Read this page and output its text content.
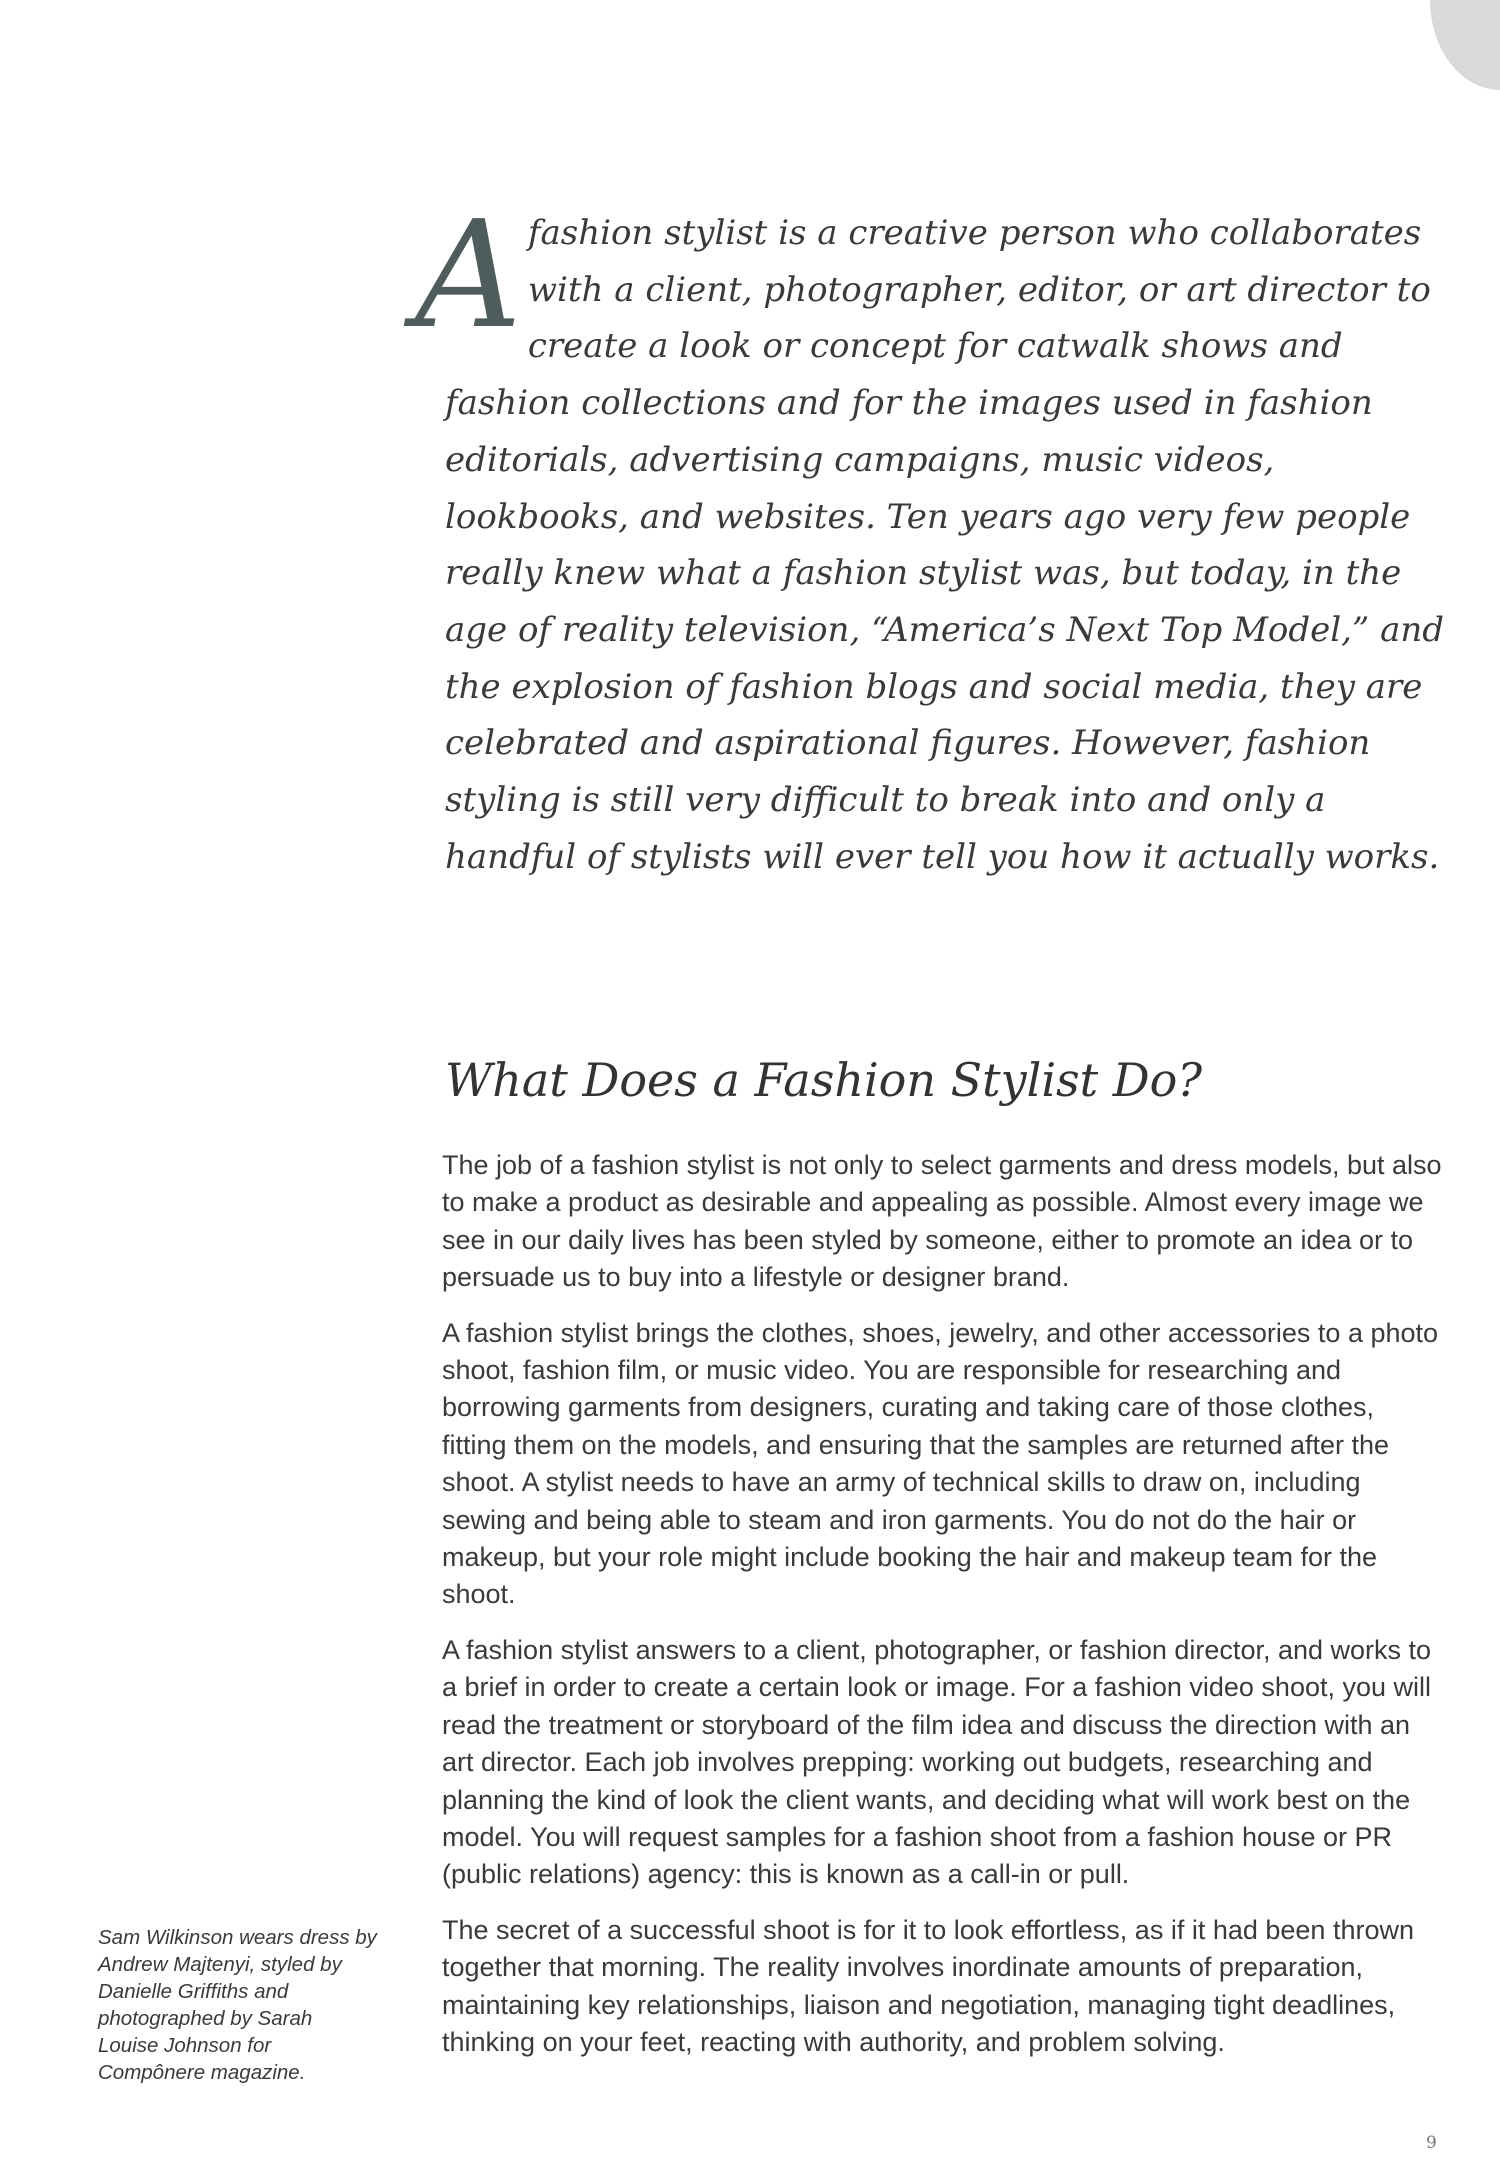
Afashion stylist is a creative person who collaborates with a client, photographer, editor, or art director to create a look or concept for catwalk shows and fashion collections and for the images used in fashion editorials, advertising campaigns, music videos, lookbooks, and websites. Ten years ago very few people really knew what a fashion stylist was, but today, in the age of reality television, “America’s Next Top Model,” and the explosion of fashion blogs and social media, they are celebrated and aspirational figures. However, fashion styling is still very difficult to break into and only a handful of stylists will ever tell you how it actually works.

What Does a Fashion Stylist Do?

The job of a fashion stylist is not only to select garments and dress models, but also to make a product as desirable and appealing as possible. Almost every image we see in our daily lives has been styled by someone, either to promote an idea or to persuade us to buy into a lifestyle or designer brand.

A fashion stylist brings the clothes, shoes, jewelry, and other accessories to a photo shoot, fashion film, or music video. You are responsible for researching and borrowing garments from designers, curating and taking care of those clothes, fitting them on the models, and ensuring that the samples are returned after the shoot. A stylist needs to have an army of technical skills to draw on, including sewing and being able to steam and iron garments. You do not do the hair or makeup, but your role might include booking the hair and makeup team for the shoot.

A fashion stylist answers to a client, photographer, or fashion director, and works to a brief in order to create a certain look or image. For a fashion video shoot, you will read the treatment or storyboard of the film idea and discuss the direction with an art director. Each job involves prepping: working out budgets, researching and planning the kind of look the client wants, and deciding what will work best on the model. You will request samples for a fashion shoot from a fashion house or PR (public relations) agency: this is known as a call-in or pull.

The secret of a successful shoot is for it to look effortless, as if it had been thrown together that morning. The reality involves inordinate amounts of preparation, maintaining key relationships, liaison and negotiation, managing tight deadlines, thinking on your feet, reacting with authority, and problem solving.

Sam Wilkinson wears dress by Andrew Majtenyi, styled by Danielle Griffiths and photographed by Sarah Louise Johnson for Compônere magazine.

9
